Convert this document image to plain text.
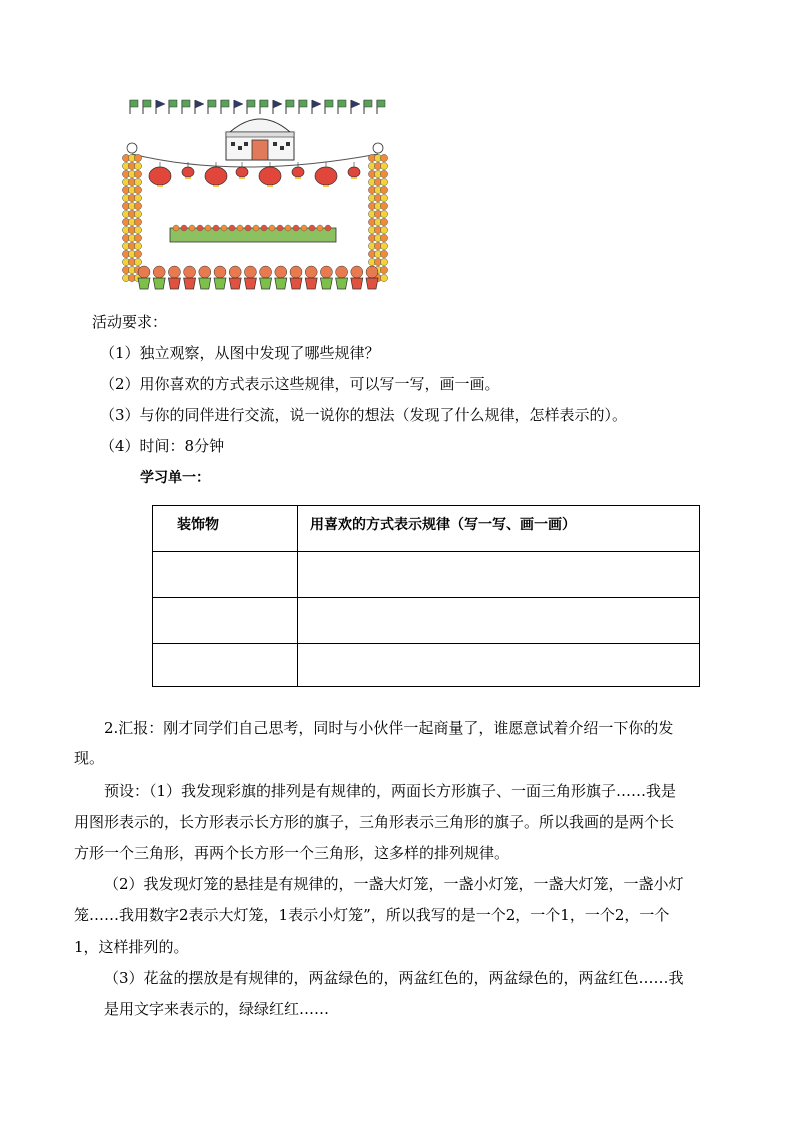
活动要求：
（1）独立观察，从图中发现了哪些规律？
（2）用你喜欢的方式表示这些规律，可以写一写，画一画。
（3）与你的同伴进行交流，说一说你的想法（发现了什么规律，怎样表示的）。
（4）时间：8分钟
学习单一：
装饰物	用喜欢的方式表示规律（写一写、画一画）

2.汇报：刚才同学们自己思考，同时与小伙伴一起商量了，谁愿意试着介绍一下你的发
现。
预设：（1）我发现彩旗的排列是有规律的，两面长方形旗子、一面三角形旗子……我是
用图形表示的，长方形表示长方形的旗子，三角形表示三角形的旗子。所以我画的是两个长
方形一个三角形，再两个长方形一个三角形，这多样的排列规律。
（2）我发现灯笼的悬挂是有规律的，一盏大灯笼，一盏小灯笼，一盏大灯笼，一盏小灯
笼……我用数字2表示大灯笼，1表示小灯笼”，所以我写的是一个2，一个1，一个2，一个
1，这样排列的。
（3）花盆的摆放是有规律的，两盆绿色的，两盆红色的，两盆绿色的，两盆红色……我
是用文字来表示的，绿绿红红……
